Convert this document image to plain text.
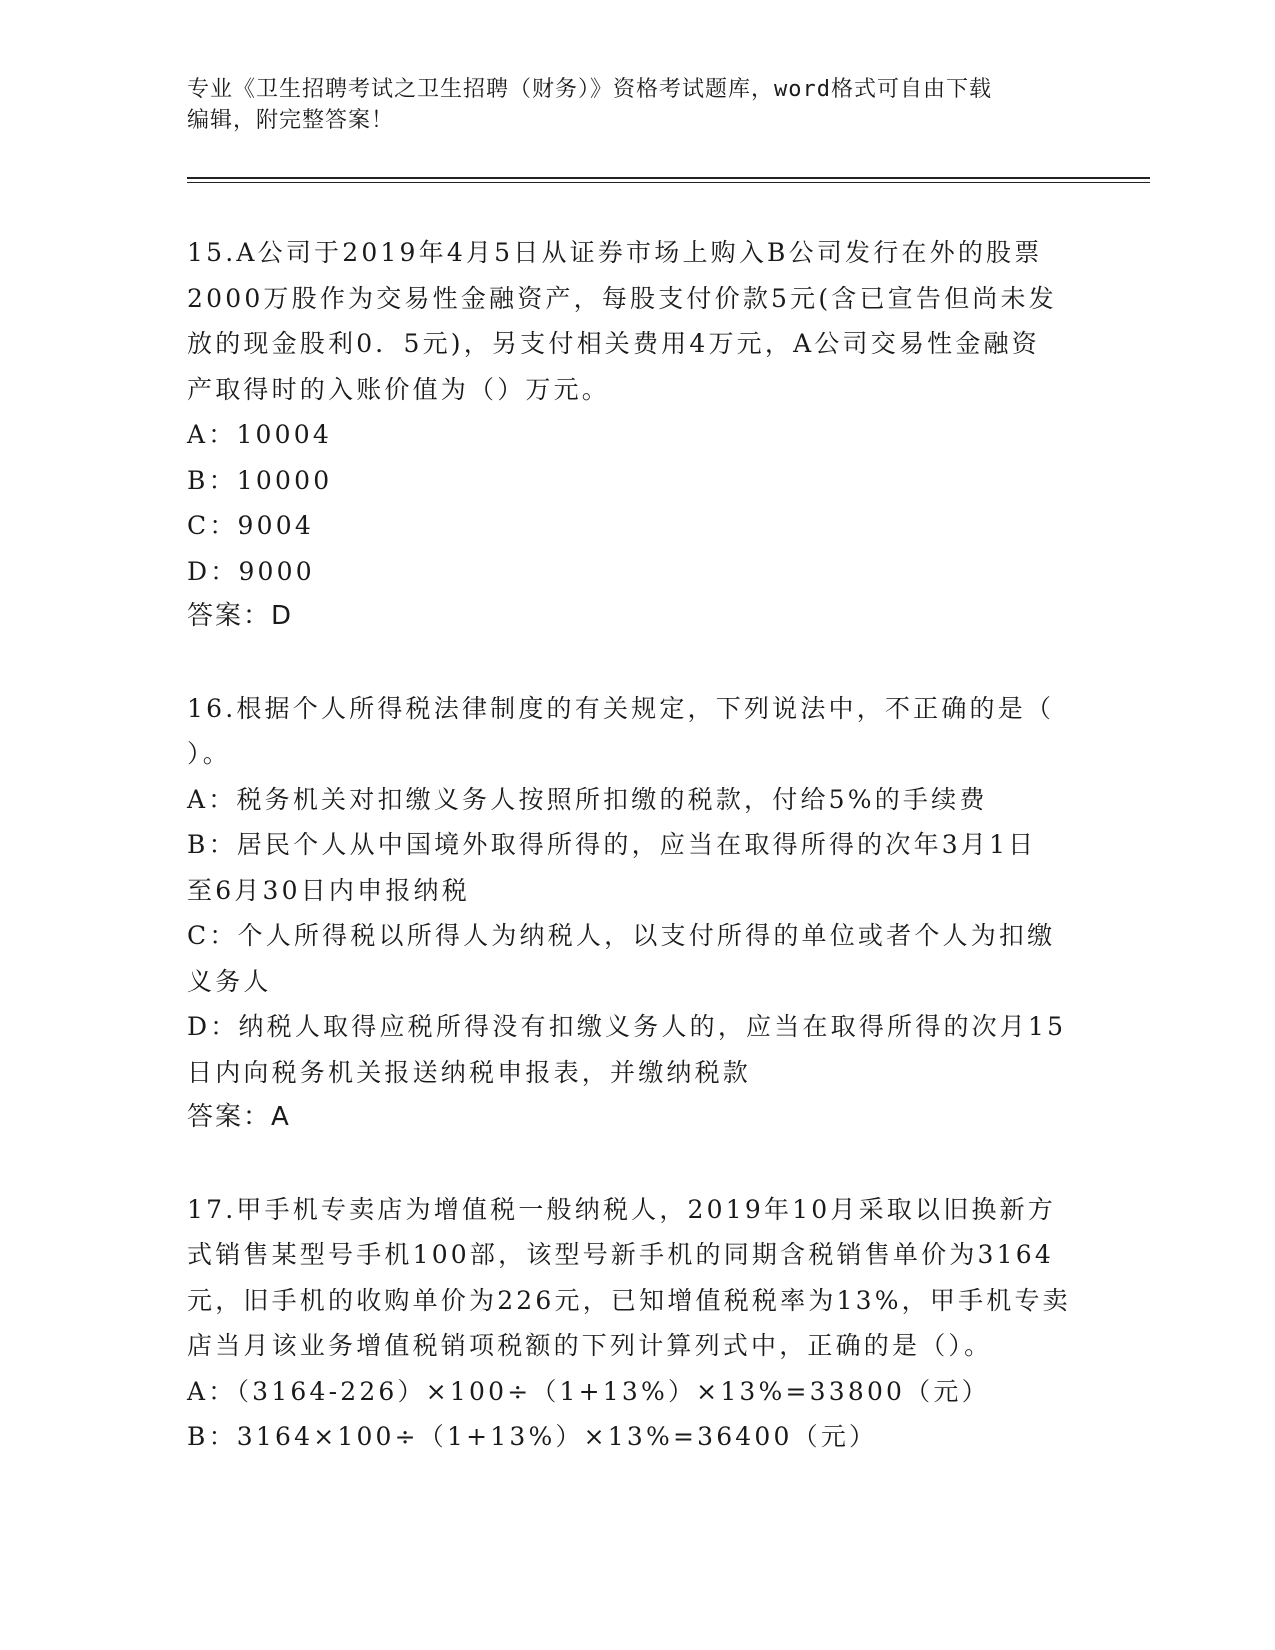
专业《卫生招聘考试之卫生招聘（财务）》资格考试题库，word格式可自由下载
编辑，附完整答案！
15.A公司于2019年4月5日从证券市场上购入B公司发行在外的股票
2000万股作为交易性金融资产，每股支付价款5元(含已宣告但尚未发
放的现金股利0．5元)，另支付相关费用4万元，A公司交易性金融资
产取得时的入账价值为（）万元。
A：10004
B：10000
C：9004
D：9000
答案：D
16.根据个人所得税法律制度的有关规定，下列说法中，不正确的是（
）。
A：税务机关对扣缴义务人按照所扣缴的税款，付给5%的手续费
B：居民个人从中国境外取得所得的，应当在取得所得的次年3月1日
至6月30日内申报纳税
C：个人所得税以所得人为纳税人，以支付所得的单位或者个人为扣缴
义务人
D：纳税人取得应税所得没有扣缴义务人的，应当在取得所得的次月15
日内向税务机关报送纳税申报表，并缴纳税款
答案：A
17.甲手机专卖店为增值税一般纳税人，2019年10月采取以旧换新方
式销售某型号手机100部，该型号新手机的同期含税销售单价为3164
元，旧手机的收购单价为226元，已知增值税税率为13%，甲手机专卖
店当月该业务增值税销项税额的下列计算列式中，正确的是（）。
A：（3164-226）×100÷（1+13%）×13%=33800（元）
B：3164×100÷（1+13%）×13%=36400（元）
